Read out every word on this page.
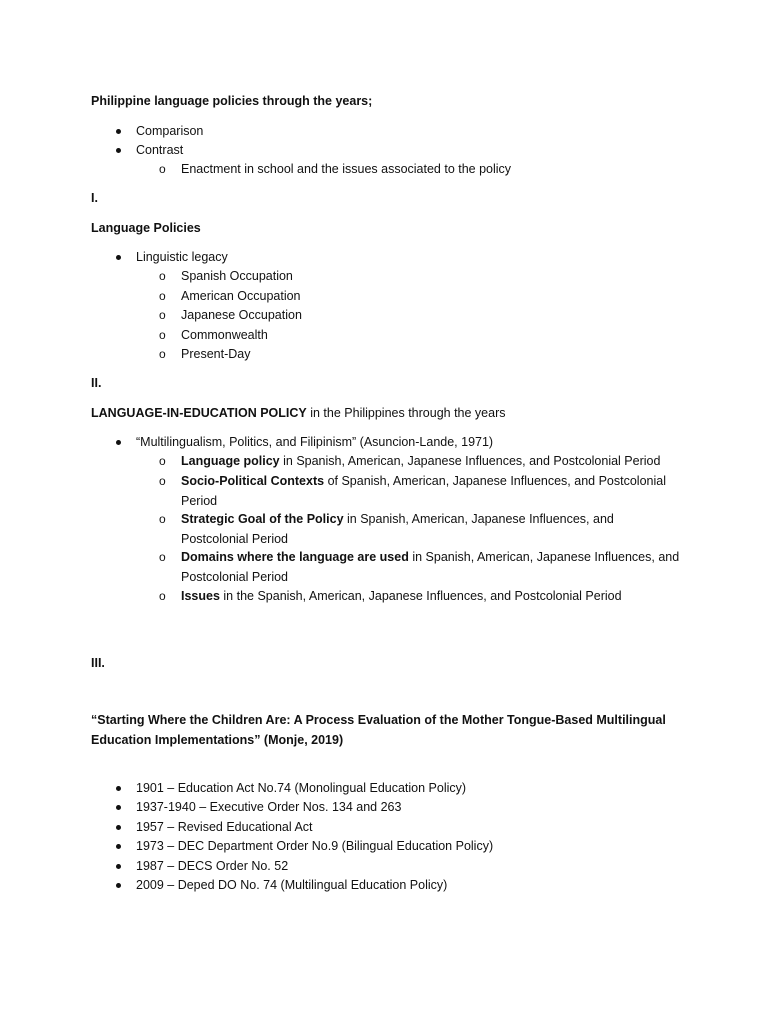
Philippine language policies through the years;
Comparison
Contrast
o Enactment in school and the issues associated to the policy
I.
Language Policies
Linguistic legacy
o Spanish Occupation
o American Occupation
o Japanese Occupation
o Commonwealth
o Present-Day
II.
LANGUAGE-IN-EDUCATION POLICY in the Philippines through the years
“Multilingualism, Politics, and Filipinism” (Asuncion-Lande, 1971)
o Language policy in Spanish, American, Japanese Influences, and Postcolonial Period
o Socio-Political Contexts of Spanish, American, Japanese Influences, and Postcolonial Period
o Strategic Goal of the Policy in Spanish, American, Japanese Influences, and Postcolonial Period
o Domains where the language are used in Spanish, American, Japanese Influences, and Postcolonial Period
o Issues in the Spanish, American, Japanese Influences, and Postcolonial Period
III.
“Starting Where the Children Are: A Process Evaluation of the Mother Tongue-Based Multilingual Education Implementations” (Monje, 2019)
1901 – Education Act No.74 (Monolingual Education Policy)
1937-1940 – Executive Order Nos. 134 and 263
1957 – Revised Educational Act
1973 – DEC Department Order No.9 (Bilingual Education Policy)
1987 – DECS Order No. 52
2009 – Deped DO No. 74 (Multilingual Education Policy)
